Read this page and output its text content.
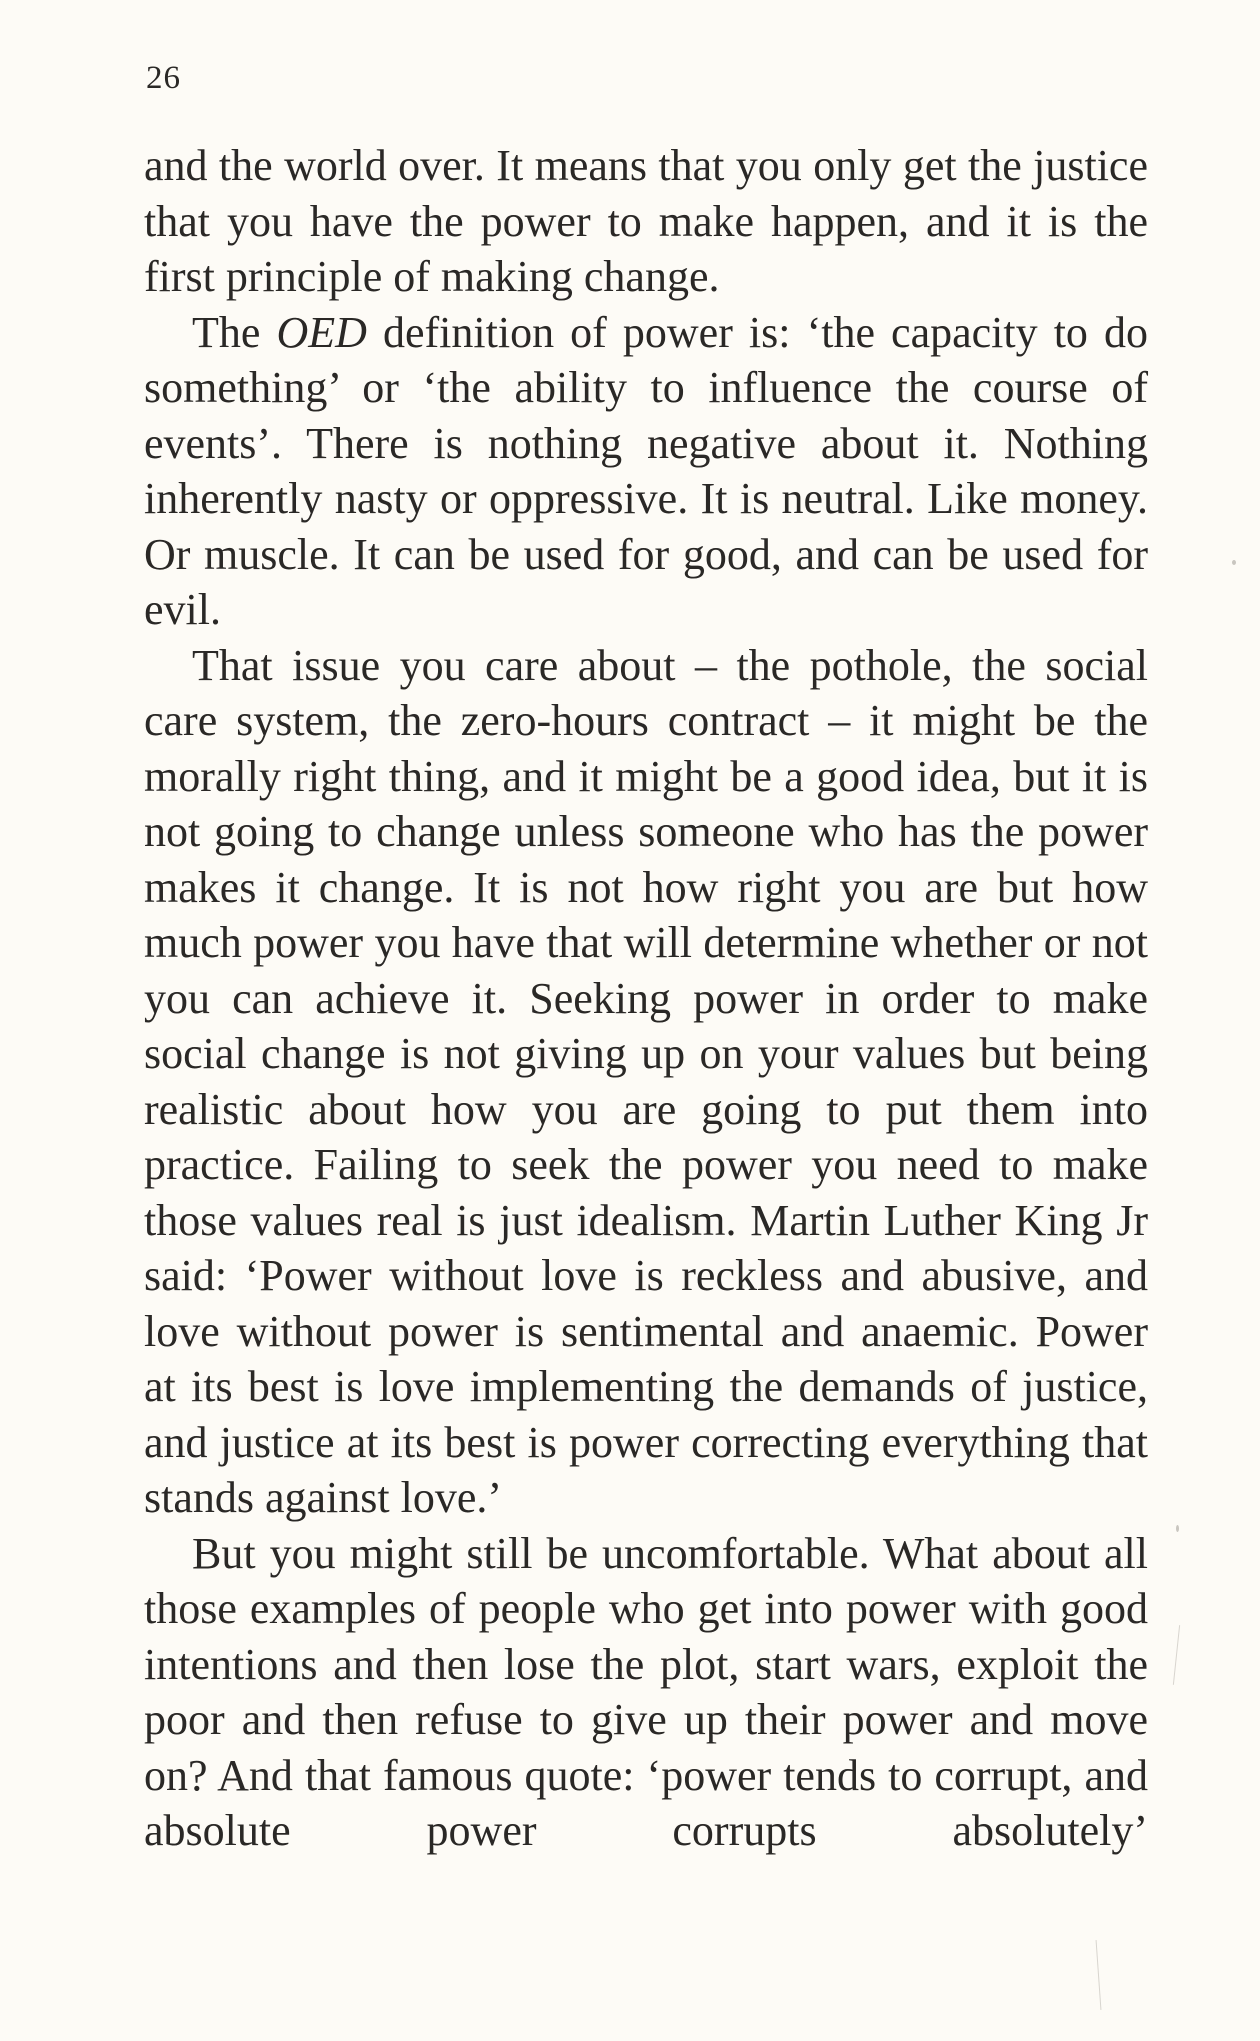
26

and the world over. It means that you only get the justice that you have the power to make happen, and it is the first principle of making change.

The OED definition of power is: ‘the capacity to do something’ or ‘the ability to influence the course of events’. There is nothing negative about it. Nothing inherently nasty or oppressive. It is neutral. Like money. Or muscle. It can be used for good, and can be used for evil.

That issue you care about – the pothole, the social care system, the zero-hours contract – it might be the morally right thing, and it might be a good idea, but it is not going to change unless someone who has the power makes it change. It is not how right you are but how much power you have that will determine whether or not you can achieve it. Seeking power in order to make social change is not giving up on your values but being realistic about how you are going to put them into practice. Failing to seek the power you need to make those values real is just idealism. Martin Luther King Jr said: ‘Power without love is reckless and abusive, and love without power is sentimental and anaemic. Power at its best is love implementing the demands of justice, and justice at its best is power correcting everything that stands against love.’

But you might still be uncomfortable. What about all those examples of people who get into power with good intentions and then lose the plot, start wars, exploit the poor and then refuse to give up their power and move on? And that famous quote: ‘power tends to corrupt, and absolute power corrupts absolutely’
